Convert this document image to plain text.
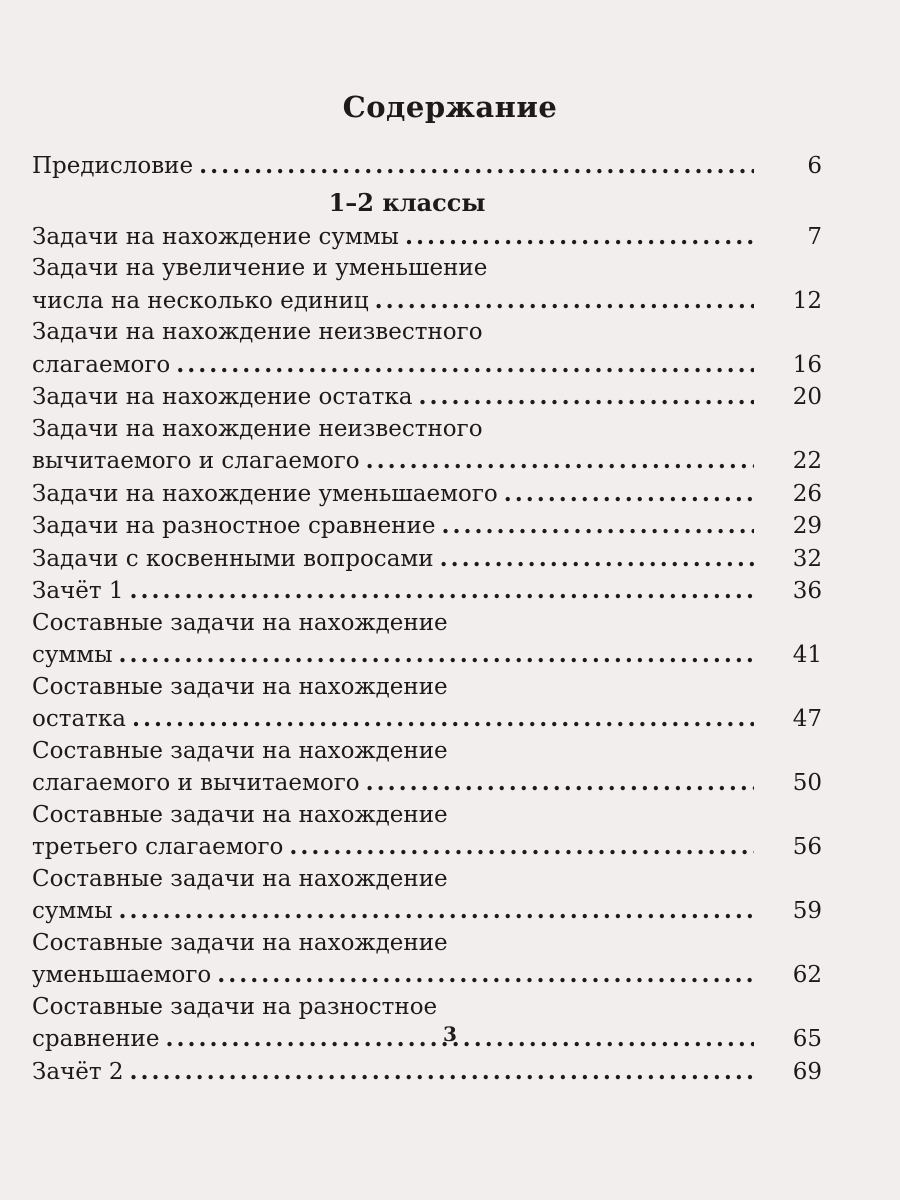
Содержание
Предисловие .....	6
1–2 классы
Задачи на нахождение суммы .....	7
Задачи на увеличение и уменьшение
числа на несколько единиц .....	12
Задачи на нахождение неизвестного
слагаемого .....	16
Задачи на нахождение остатка .....	20
Задачи на нахождение неизвестного
вычитаемого и слагаемого .....	22
Задачи на нахождение уменьшаемого .....	26
Задачи на разностное сравнение .....	29
Задачи с косвенными вопросами .....	32
Зачёт 1 .....	36
Составные задачи на нахождение
суммы .....	41
Составные задачи на нахождение
остатка .....	47
Составные задачи на нахождение
слагаемого и вычитаемого .....	50
Составные задачи на нахождение
третьего слагаемого .....	56
Составные задачи на нахождение
суммы .....	59
Составные задачи на нахождение
уменьшаемого .....	62
Составные задачи на разностное
сравнение .....	65
Зачёт 2 .....	69
3
